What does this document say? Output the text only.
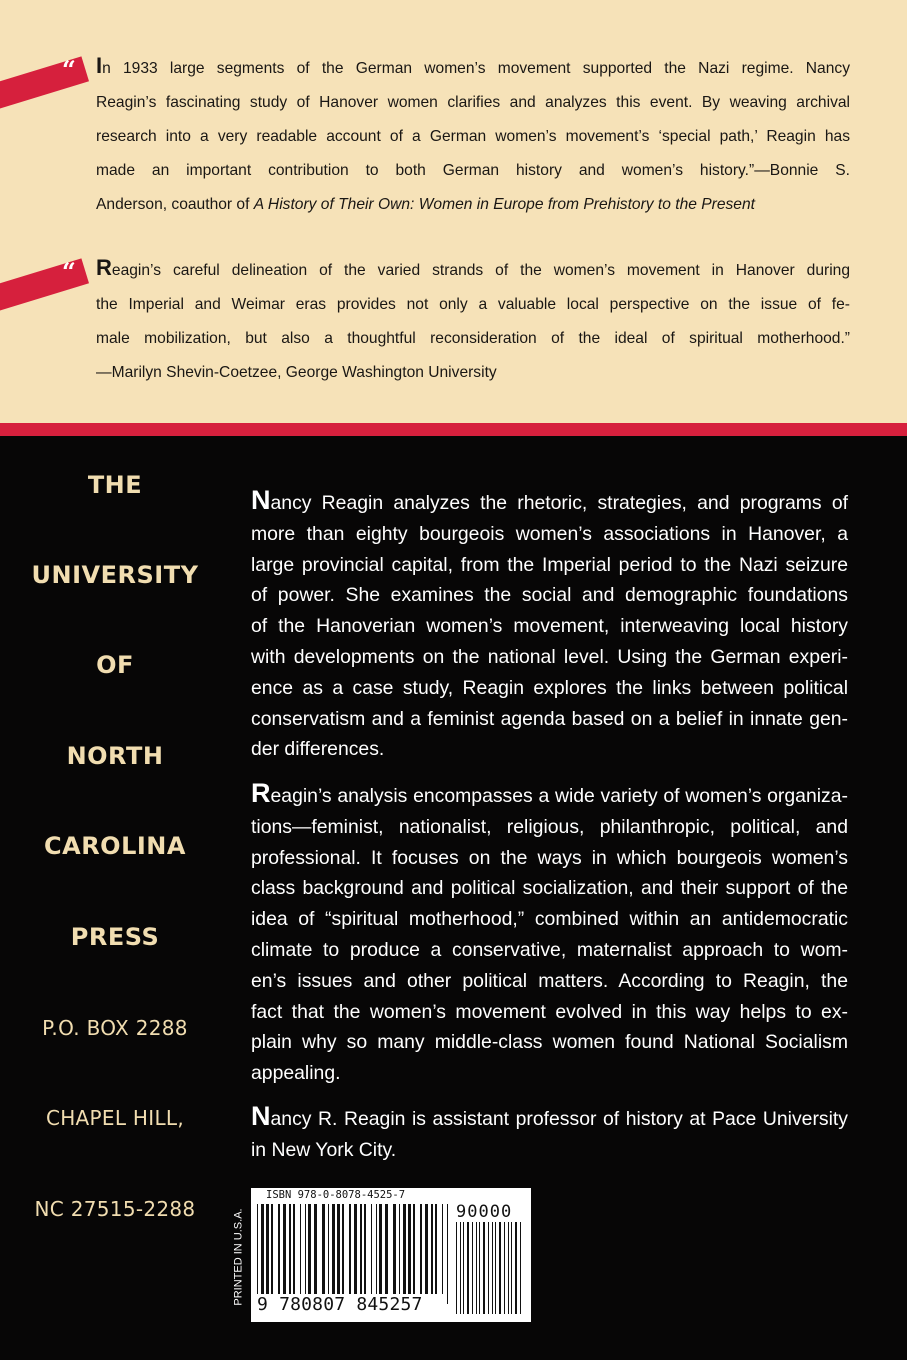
“ In 1933 large segments of the German women’s movement supported the Nazi regime. Nancy
Reagin’s fascinating study of Hanover women clarifies and analyzes this event. By weaving archival
research into a very readable account of a German women’s movement’s ‘special path,’ Reagin has
made an important contribution to both German history and women’s history.”—Bonnie S.
Anderson, coauthor of A History of Their Own: Women in Europe from Prehistory to the Present
“ Reagin’s careful delineation of the varied strands of the women’s movement in Hanover during
the Imperial and Weimar eras provides not only a valuable local perspective on the issue of fe-
male mobilization, but also a thoughtful reconsideration of the ideal of spiritual motherhood.”
—Marilyn Shevin-Coetzee, George Washington University
THE
UNIVERSITY
OF
NORTH
CAROLINA
PRESS
P.O. BOX 2288
CHAPEL HILL,
NC 27515-2288
Nancy Reagin analyzes the rhetoric, strategies, and programs of
more than eighty bourgeois women’s associations in Hanover, a
large provincial capital, from the Imperial period to the Nazi seizure
of power. She examines the social and demographic foundations
of the Hanoverian women’s movement, interweaving local history
with developments on the national level. Using the German experi-
ence as a case study, Reagin explores the links between political
conservatism and a feminist agenda based on a belief in innate gen-
der differences.
Reagin’s analysis encompasses a wide variety of women’s organiza-
tions—feminist, nationalist, religious, philanthropic, political, and
professional. It focuses on the ways in which bourgeois women’s
class background and political socialization, and their support of the
idea of “spiritual motherhood,” combined within an antidemocratic
climate to produce a conservative, maternalist approach to wom-
en’s issues and other political matters. According to Reagin, the
fact that the women’s movement evolved in this way helps to ex-
plain why so many middle-class women found National Socialism
appealing.
Nancy R. Reagin is assistant professor of history at Pace University
in New York City.
PRINTED IN U.S.A.
ISBN 978-0-8078-4525-7
90000
9 780807 845257
